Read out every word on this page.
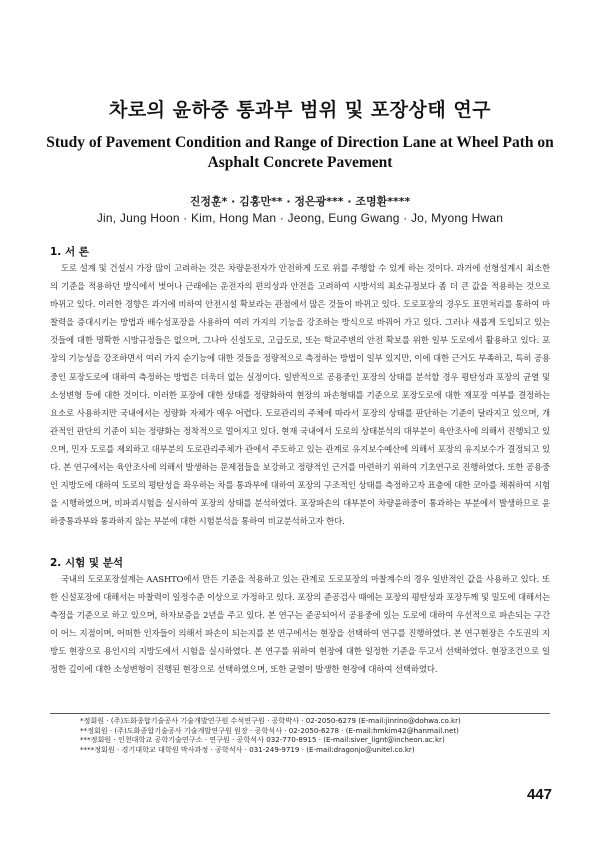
차로의 윤하중 통과부 범위 및 포장상태 연구
Study of Pavement Condition and Range of Direction Lane at Wheel Path on
Asphalt Concrete Pavement
진정훈* · 김홍만** · 정은광*** · 조명환****
Jin, Jung Hoon · Kim, Hong Man · Jeong, Eung Gwang · Jo, Myong Hwan
1. 서 론

도로 설계 및 건설시 가장 많이 고려하는 것은 차량운전자가 안전하게 도로 위를 주행할 수 있게 하는 것이다. 과거에 선형설계시 최소한의 기준을 적용하던 방식에서 벗어나 근래에는 운전자의 편의성과 안전을 고려하여 시방서의 최소규정보다 좀 더 큰 값을 적용하는 것으로 바뀌고 있다. 이러한 경향은 과거에 비하여 안전시설 확보라는 관점에서 많은 것들이 바뀌고 있다. 도로포장의 경우도 표면처리를 통하여 마찰력을 증대시키는 방법과 배수성포장을 사용하여 여러 가지의 기능을 강조하는 방식으로 바꿔어 가고 있다. 그러나 새롭게 도입되고 있는 것들에 대한 명확한 시방규정들은 없으며, 그나마 신설도로, 고급도로, 또는 학교주변의 안전 확보를 위한 일부 도로에서 활용하고 있다. 포장의 기능성을 강조하면서 여러 가지 순기능에 대한 것들을 정량적으로 측정하는 방법이 일부 있지만, 이에 대한 근거도 부족하고, 특히 공용중인 포장도로에 대하여 측정하는 방법은 더욱더 없는 실정이다. 일반적으로 공용중인 포장의 상태를 분석할 경우 평탄성과 포장의 균열 및 소성변형 등에 대한 것이다. 이러한 포장에 대한 상태를 정량화하여 현장의 파손형태를 기준으로 포장도로에 대한 재포장 여부를 결정하는 요소로 사용하지만 국내에서는 정량화 자체가 매우 어렵다. 도로관리의 주체에 따라서 포장의 상태를 판단하는 기준이 달라지고 있으며, 개관적인 판단의 기준이 되는 정량화는 정착적으로 멀어지고 있다. 현재 국내에서 도로의 상태분석의 대부분이 육안조사에 의해서 진행되고 있으며, 민자 도로를 제외하고 대부분의 도로관리주체가 관에서 주도하고 있는 관계로 유지보수예산에 의해서 포장의 유지보수가 결정되고 있다. 본 연구에서는 육안조사에 의해서 발생하는 문제점들을 보강하고 정량적인 근거를 마련하기 위하여 기초연구로 진행하였다. 또한 공용중인 지방도에 대하여 도로의 평탄성을 좌우하는 차를 통과부에 대하여 포장의 구조적인 상태를 측정하고자 표층에 대한 코아를 채취하여 시험을 시행하였으며, 비파괴시험을 실시하여 포장의 상태를 분석하였다. 포장파손의 대부분이 차량윤하중이 통과하는 부분에서 발생하므로 윤하중통과부와 통과하지 않는 부분에 대한 시험분석을 통하여 비교분석하고자 한다.

2. 시험 및 분석

국내의 도로포장설계는 AASHTO에서 만든 기준을 적용하고 있는 관계로 도로포장의 마찰계수의 경우 일반적인 값을 사용하고 있다. 또한 신설포장에 대해서는 마찰력이 일정수준 이상으로 가정하고 있다. 포장의 준공검사 때에는 포장의 평탄성과 포장두께 및 밀도에 대해서는 측정을 기준으로 하고 있으며, 하자보증을 2년을 주고 있다. 본 연구는 준공되어서 공용중에 있는 도로에 대하여 우선적으로 파손되는 구간이 어느 지점이며, 어떠한 인자들이 의해서 파손이 되는지를 본 연구에서는 현장을 선택하여 연구를 진행하였다. 본 연구현장은 수도권의 지방도 현장으로 용인시의 지방도에서 시험을 실시하였다. 본 연구를 위하여 현장에 대한 일정한 기준을 두고서 선택하였다. 현장조건으로 일정한 깊이에 대한 소성변형이 진행된 현장으로 선택하였으며, 또한 균열이 발생한 현장에 대하여 선택하였다.

*정회원 · (주)도화종합기술공사 기술개발연구원 수석연구원 · 공학박사 · 02-2050-6279 (E-mail:jinrino@dohwa.co.kr)
**정회원 · (주)도화종합기술공사 기술개발연구원 원장 · 공학석사 · 02-2050-6278 · (E-mail:hmkim42@hanmail.net)
***정회원 · 인천대학교 공학기술연구소 · 연구원 · 공학석사 032-770-8915 · (E-mail:siver_lignt@incheon.ac.kr)
****정회원 · 경기대학교 대학원 박사과정 · 공학석사 · 031-249-9719 · (E-mail:dragonjo@unitel.co.kr)
447
